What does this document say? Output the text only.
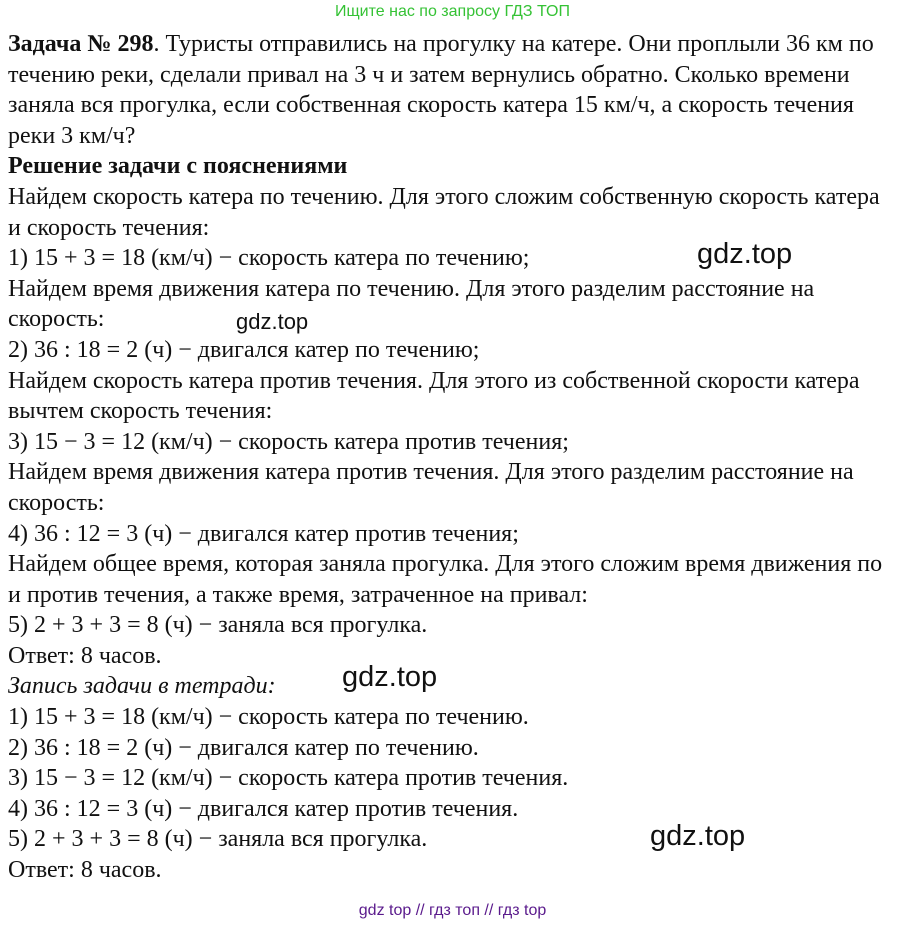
Ищите нас по запросу ГДЗ ТОП

Задача № 298. Туристы отправились на прогулку на катере. Они проплыли 36 км по течению реки, сделали привал на 3 ч и затем вернулись обратно. Сколько времени заняла вся прогулка, если собственная скорость катера 15 км/ч, а скорость течения реки 3 км/ч?

Решение задачи с пояснениями

Найдем скорость катера по течению. Для этого сложим собственную скорость катера и скорость течения:

1) 15 + 3 = 18 (км/ч) − скорость катера по течению;

Найдем время движения катера по течению. Для этого разделим расстояние на скорость:

2) 36 : 18 = 2 (ч) − двигался катер по течению;

Найдем скорость катера против течения. Для этого из собственной скорости катера вычтем скорость течения:

3) 15 − 3 = 12 (км/ч) − скорость катера против течения;

Найдем время движения катера против течения. Для этого разделим расстояние на скорость:

4) 36 : 12 = 3 (ч) − двигался катер против течения;

Найдем общее время, которая заняла прогулка. Для этого сложим время движения по и против течения, а также время, затраченное на привал:

5) 2 + 3 + 3 = 8 (ч) − заняла вся прогулка.

Ответ: 8 часов.

Запись задачи в тетради:

1) 15 + 3 = 18 (км/ч) − скорость катера по течению.

2) 36 : 18 = 2 (ч) − двигался катер по течению.

3) 15 − 3 = 12 (км/ч) − скорость катера против течения.

4) 36 : 12 = 3 (ч) − двигался катер против течения.

5) 2 + 3 + 3 = 8 (ч) − заняла вся прогулка.

Ответ: 8 часов.

gdz.top
gdz.top
gdz.top
gdz.top
gdz top // гдз топ // гдз top
